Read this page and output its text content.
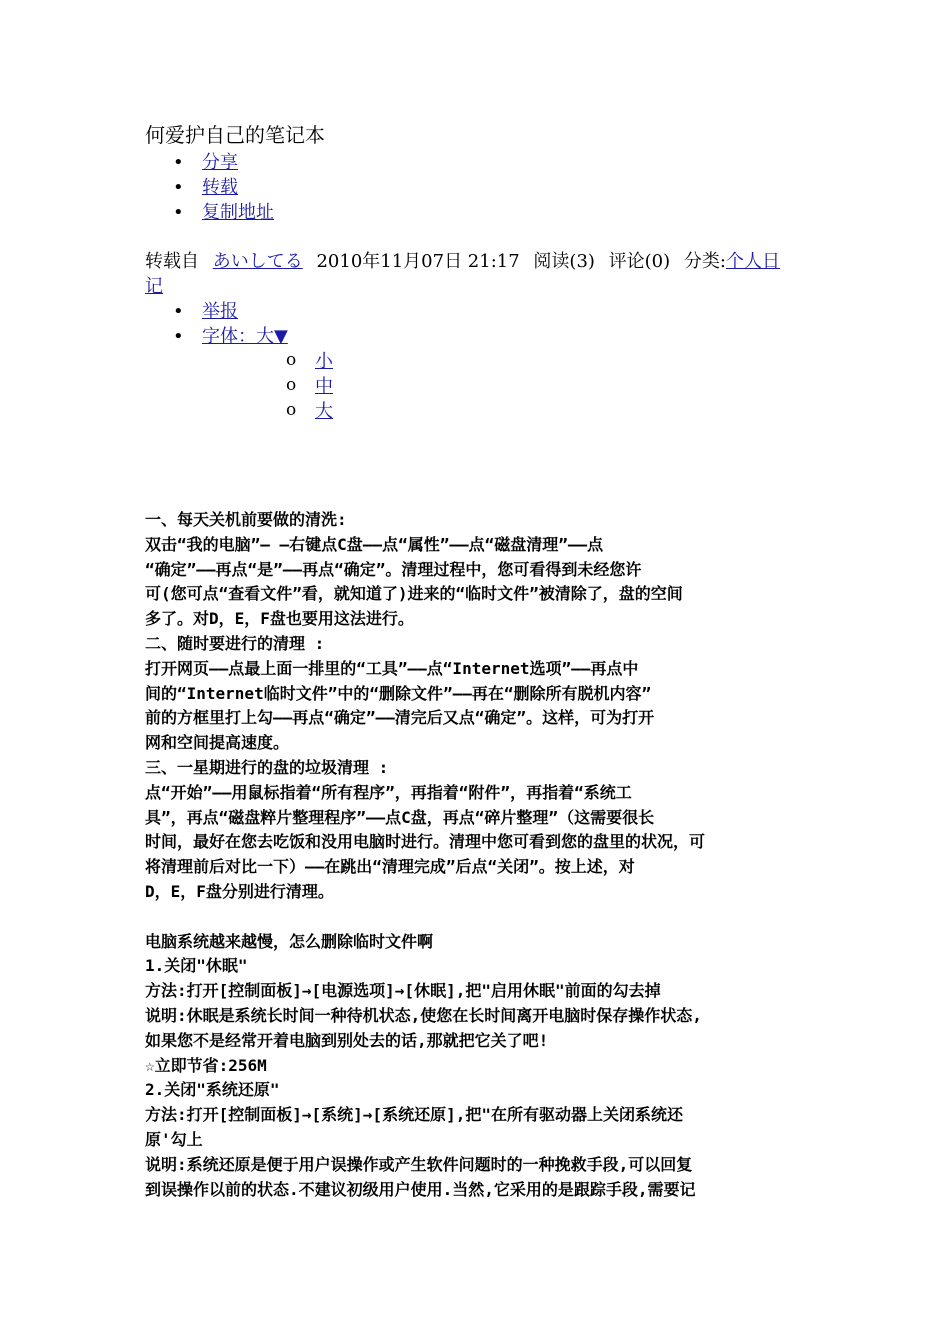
何爱护自己的笔记本
• 分享
• 转载
• 复制地址
转载自 あいしてる 2010年11月07日 21:17 阅读(3) 评论(0) 分类:个人日
记
• 举报
• 字体：大▼
o 小
o 中
o 大

一、每天关机前要做的清洗:

双击“我的电脑”— —右键点C盘——点“属性”——点“磁盘清理”——点

“确定”——再点“是”——再点“确定”。清理过程中，您可看得到未经您许

可(您可点“查看文件”看，就知道了)进来的“临时文件”被清除了，盘的空间

多了。对D，E，F盘也要用这法进行。

二、随时要进行的清理 :

打开网页——点最上面一排里的“工具”——点“Internet选项”——再点中

间的“Internet临时文件”中的“删除文件”——再在“删除所有脱机内容”

前的方框里打上勾——再点“确定”——清完后又点“确定”。这样，可为打开

网和空间提高速度。

三、一星期进行的盘的垃圾清理 :

点“开始”——用鼠标指着“所有程序”，再指着“附件”，再指着“系统工

具”，再点“磁盘粹片整理程序”——点C盘，再点“碎片整理”（这需要很长

时间，最好在您去吃饭和没用电脑时进行。清理中您可看到您的盘里的状况，可

将清理前后对比一下）——在跳出“清理完成”后点“关闭”。按上述，对

D，E，F盘分别进行清理。

电脑系统越来越慢，怎么删除临时文件啊

1.关闭"休眠"

方法:打开[控制面板]→[电源选项]→[休眠],把"启用休眠"前面的勾去掉

说明:休眠是系统长时间一种待机状态,使您在长时间离开电脑时保存操作状态,

如果您不是经常开着电脑到别处去的话,那就把它关了吧!

☆立即节省:256M

2.关闭"系统还原"

方法:打开[控制面板]→[系统]→[系统还原],把"在所有驱动器上关闭系统还

原'勾上

说明:系统还原是便于用户误操作或产生软件问题时的一种挽救手段,可以回复

到误操作以前的状态.不建议初级用户使用.当然,它采用的是跟踪手段,需要记
